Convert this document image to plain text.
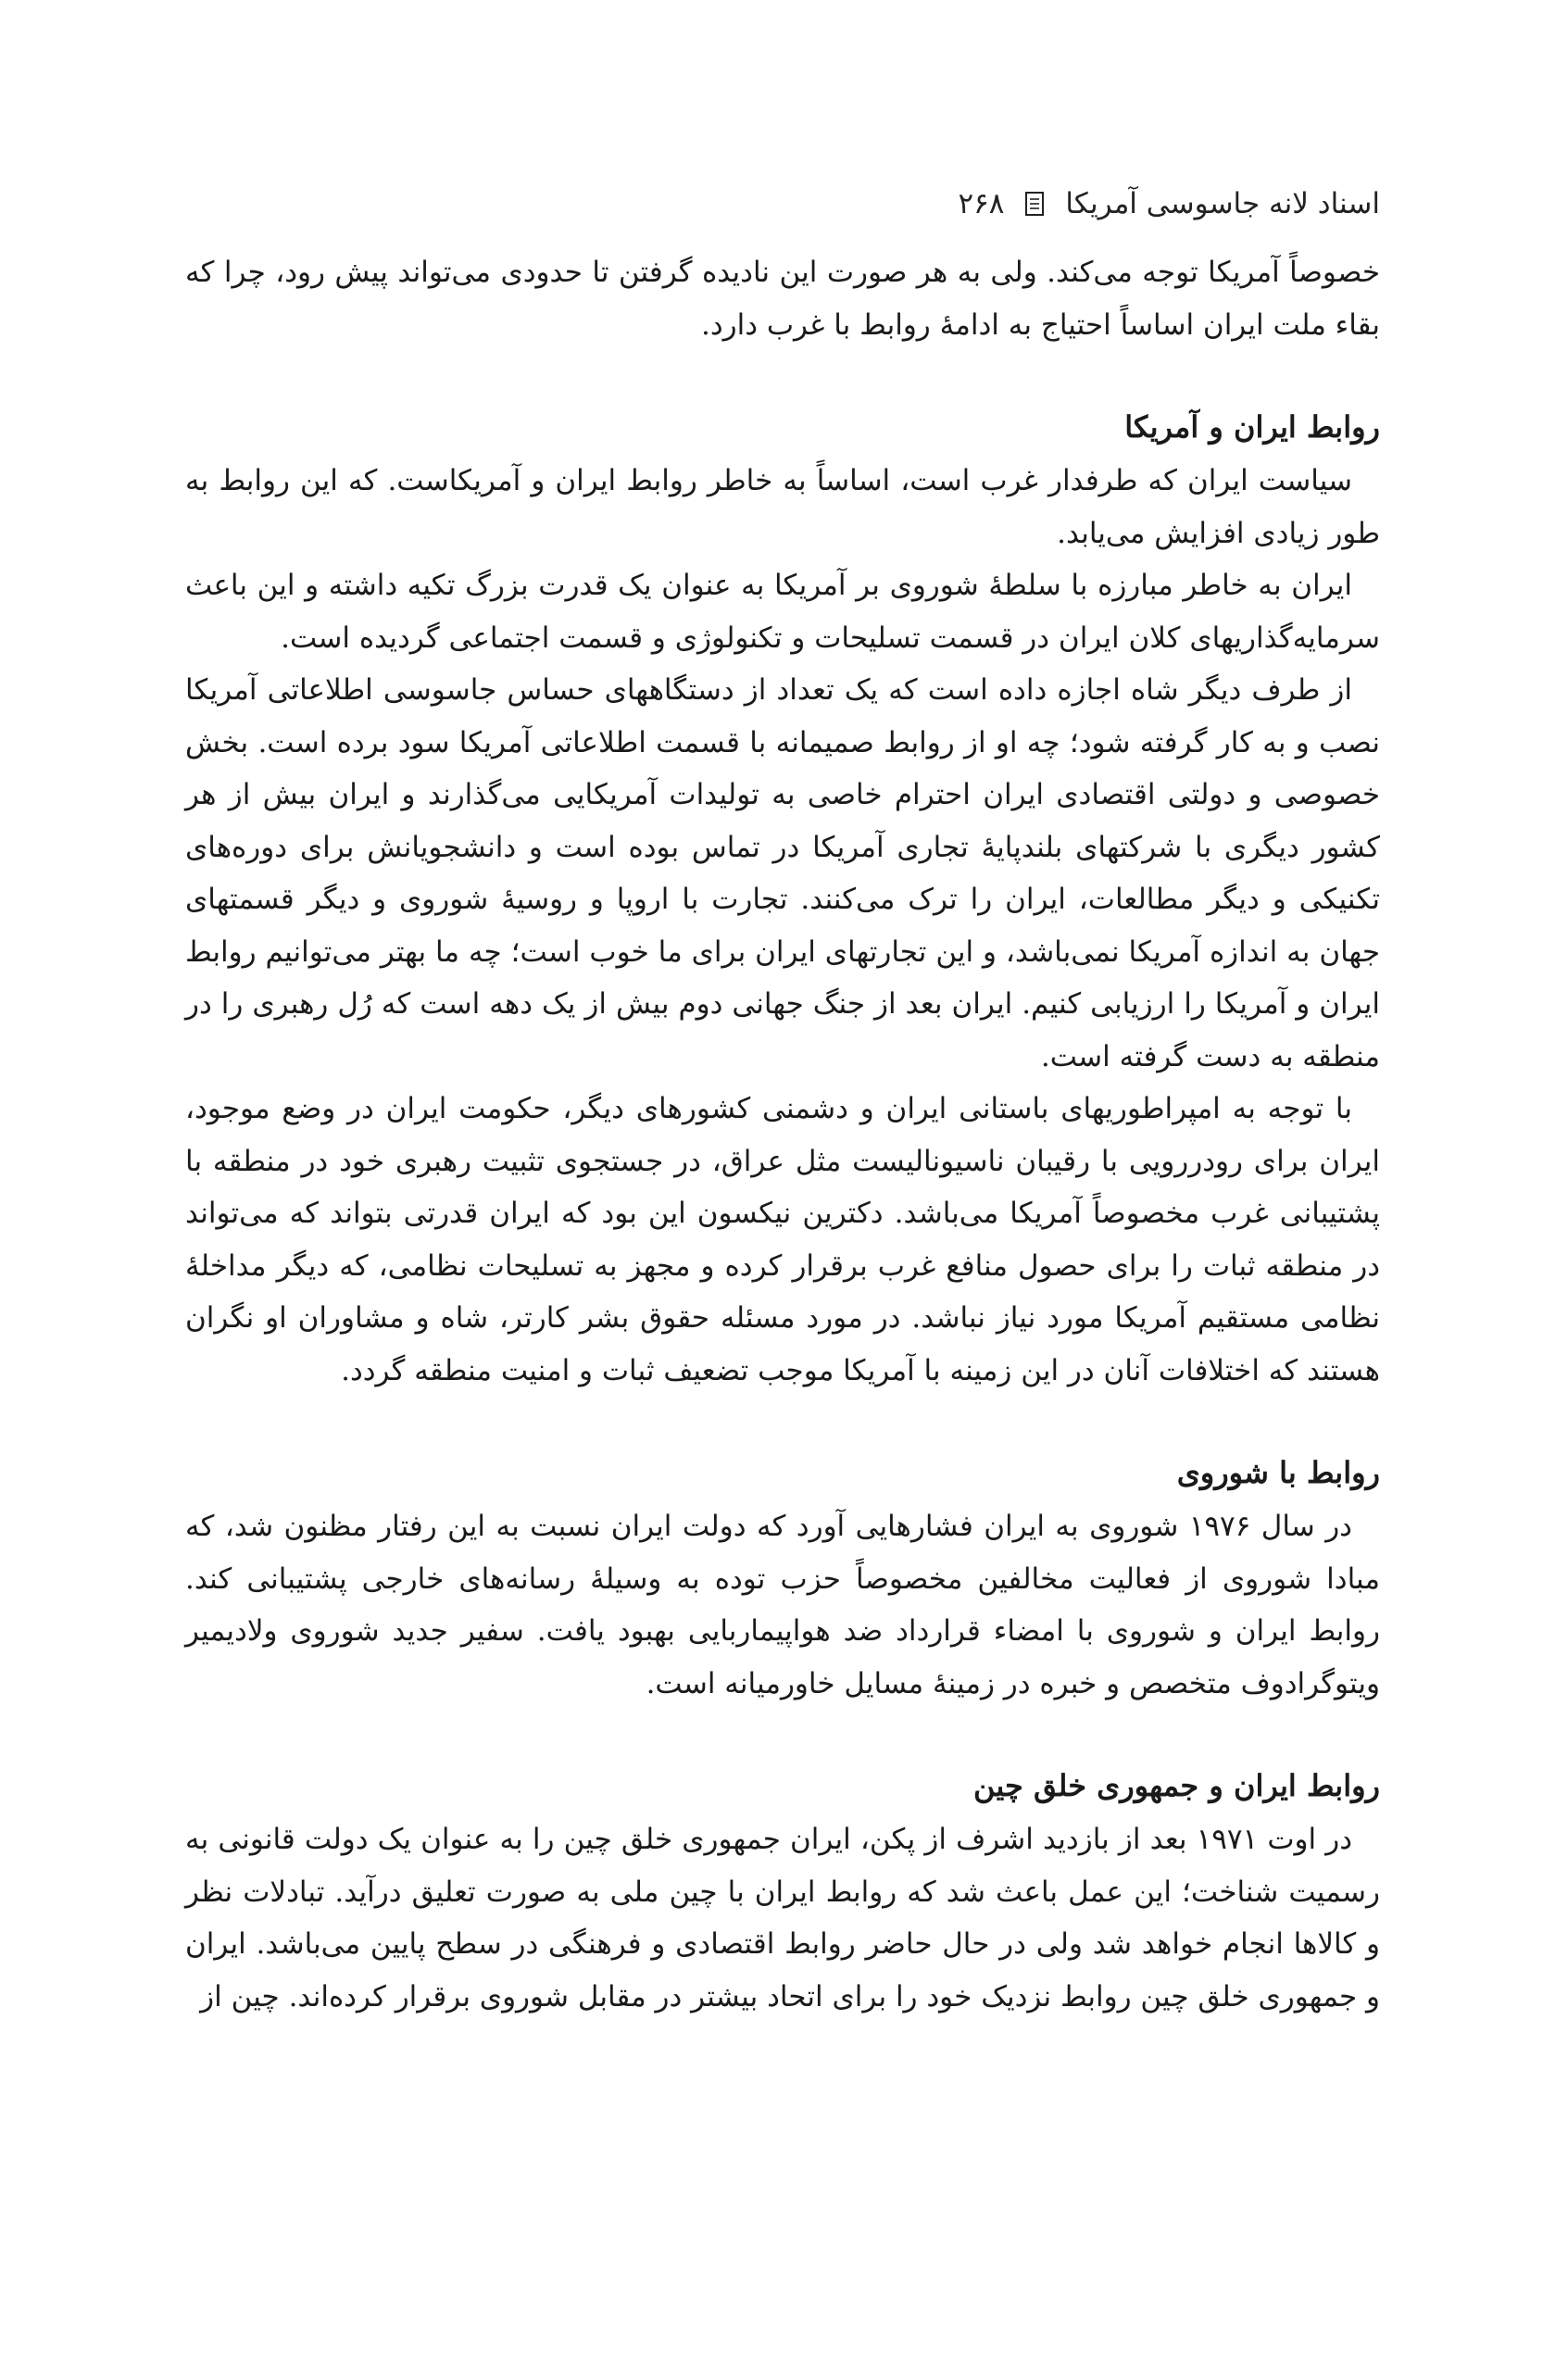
اسناد لانه جاسوسی آمریکا
۲۶۸

خصوصاً آمریکا توجه می‌کند. ولی به هر صورت این نادیده گرفتن تا حدودی می‌تواند پیش رود، چرا که بقاء ملت ایران اساساً احتیاج به ادامهٔ روابط با غرب دارد.

روابط ایران و آمریکا

سیاست ایران که طرفدار غرب است، اساساً به خاطر روابط ایران و آمریکاست. که این روابط به طور زیادی افزایش می‌یابد.

ایران به خاطر مبارزه با سلطهٔ شوروی بر آمریکا به عنوان یک قدرت بزرگ تکیه داشته و این باعث سرمایه‌گذاریهای کلان ایران در قسمت تسلیحات و تکنولوژی و قسمت اجتماعی گردیده است.

از طرف دیگر شاه اجازه داده است که یک تعداد از دستگاههای حساس جاسوسی اطلاعاتی آمریکا نصب و به کار گرفته شود؛ چه او از روابط صمیمانه با قسمت اطلاعاتی آمریکا سود برده است. بخش خصوصی و دولتی اقتصادی ایران احترام خاصی به تولیدات آمریکایی می‌گذارند و ایران بیش از هر کشور دیگری با شرکتهای بلندپایهٔ تجاری آمریکا در تماس بوده است و دانشجویانش برای دوره‌های تکنیکی و دیگر مطالعات، ایران را ترک می‌کنند. تجارت با اروپا و روسیهٔ شوروی و دیگر قسمتهای جهان به اندازه آمریکا نمی‌باشد، و این تجارتهای ایران برای ما خوب است؛ چه ما بهتر می‌توانیم روابط ایران و آمریکا را ارزیابی کنیم. ایران بعد از جنگ جهانی دوم بیش از یک دهه است که رُل رهبری را در منطقه به دست گرفته است.

با توجه به امپراطوریهای باستانی ایران و دشمنی کشورهای دیگر، حکومت ایران در وضع موجود، ایران برای رودررویی با رقیبان ناسیونالیست مثل عراق، در جستجوی تثبیت رهبری خود در منطقه با پشتیبانی غرب مخصوصاً آمریکا می‌باشد. دکترین نیکسون این بود که ایران قدرتی بتواند که می‌تواند در منطقه ثبات را برای حصول منافع غرب برقرار کرده و مجهز به تسلیحات نظامی، که دیگر مداخلهٔ نظامی مستقیم آمریکا مورد نیاز نباشد. در مورد مسئله حقوق بشر کارتر، شاه و مشاوران او نگران هستند که اختلافات آنان در این زمینه با آمریکا موجب تضعیف ثبات و امنیت منطقه گردد.

روابط با شوروی

در سال ۱۹۷۶ شوروی به ایران فشارهایی آورد که دولت ایران نسبت به این رفتار مظنون شد، که مبادا شوروی از فعالیت مخالفین مخصوصاً حزب توده به وسیلهٔ رسانه‌های خارجی پشتیبانی کند. روابط ایران و شوروی با امضاء قرارداد ضد هواپیماربایی بهبود یافت. سفیر جدید شوروی ولادیمیر ویتوگرادوف متخصص و خبره در زمینهٔ مسایل خاورمیانه است.

روابط ایران و جمهوری خلق چین

در اوت ۱۹۷۱ بعد از بازدید اشرف از پکن، ایران جمهوری خلق چین را به عنوان یک دولت قانونی به رسمیت شناخت؛ این عمل باعث شد که روابط ایران با چین ملی به صورت تعلیق درآید. تبادلات نظر و کالاها انجام خواهد شد ولی در حال حاضر روابط اقتصادی و فرهنگی در سطح پایین می‌باشد. ایران و جمهوری خلق چین روابط نزدیک خود را برای اتحاد بیشتر در مقابل شوروی برقرار کرده‌اند. چین از
